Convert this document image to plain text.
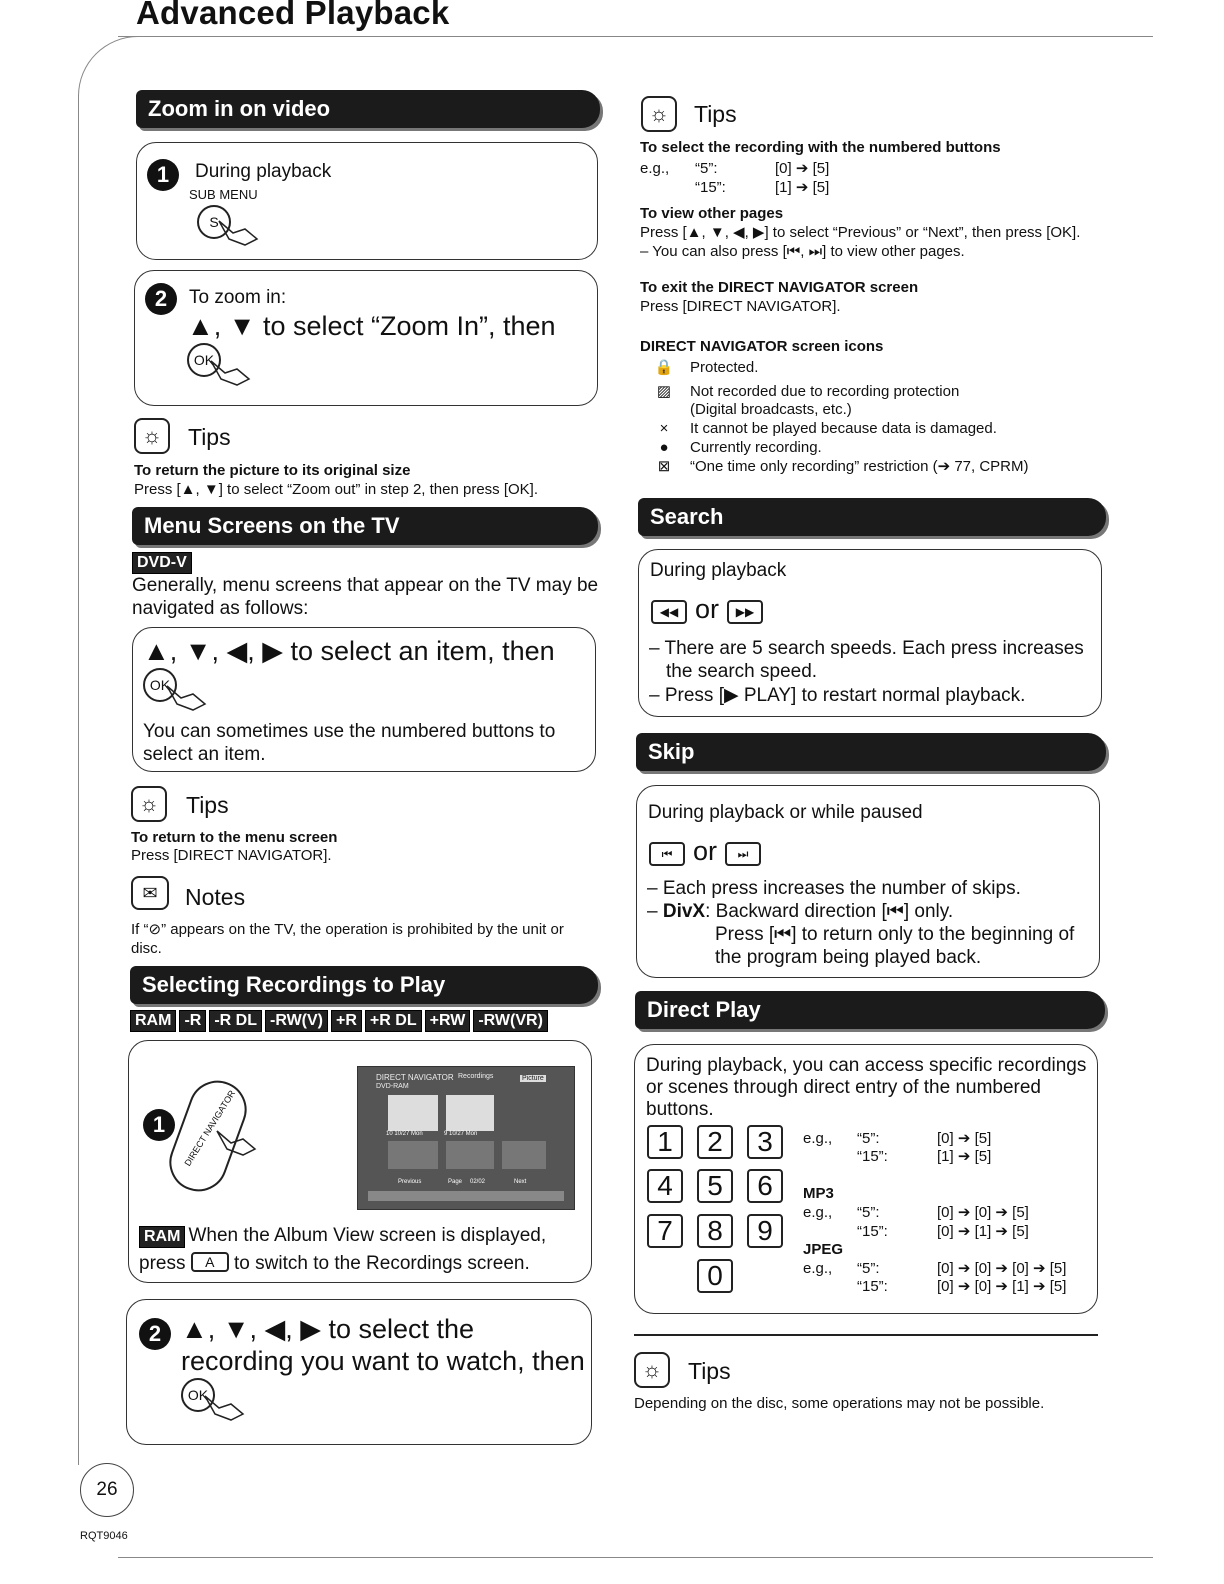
Advanced Playback
26
RQT9046
Zoom in on video
1	During playback
SUB MENU
S
2	To zoom in:
▲, ▼ to select “Zoom In”, then
OK
☼	Tips
To return the picture to its original size
Press [▲, ▼] to select “Zoom out” in step 2, then press [OK].
Menu Screens on the TV
DVD-V
Generally, menu screens that appear on the TV may be navigated as follows:
▲, ▼, ◀, ▶ to select an item, then
OK
You can sometimes use the numbered buttons to select an item.
☼	Tips
To return to the menu screen
Press [DIRECT NAVIGATOR].
✉	Notes
If “⊘” appears on the TV, the operation is prohibited by the unit or disc.
Selecting Recordings to Play
RAM -R -R DL -RW(V) +R +R DL +RW -RW(VR)
1	DIRECT NAVIGATOR
DIRECT NAVIGATOR Recordings
DVD-RAM
Picture
10 10/27 Mon	9 10/27 Mon
Previous	Page 02/02	Next
RAM When the Album View screen is displayed,
press A to switch to the Recordings screen.
2 ▲, ▼, ◀, ▶ to select the
recording you want to watch, then
OK
☼	Tips
To select the recording with the numbered buttons
e.g., “5”:	[0] ➔ [5]
“15”:	[1] ➔ [5]
To view other pages
Press [▲, ▼, ◀, ▶] to select “Previous” or “Next”, then press [OK].
– You can also press [⏮, ⏭] to view other pages.
To exit the DIRECT NAVIGATOR screen
Press [DIRECT NAVIGATOR].
DIRECT NAVIGATOR screen icons
🔒 Protected.
▨ Not recorded due to recording protection
(Digital broadcasts, etc.)
×	It cannot be played because data is damaged.
●	Currently recording.
⊠ “One time only recording” restriction (➔ 77, CPRM)
Search
During playback
◀◀ or	▶▶
– There are 5 search speeds. Each press increases
the search speed.
– Press [▶ PLAY] to restart normal playback.
Skip
During playback or while paused
⏮ or	⏭
– Each press increases the number of skips.
– DivX: Backward direction [⏮] only.
Press [⏮] to return only to the beginning of
the program being played back.
Direct Play
During playback, you can access specific recordings or scenes through direct entry of the numbered buttons.
1	2	3
4	5	6
7	8	9
0
e.g., “5”:	[0] ➔ [5]
“15”:	[1] ➔ [5]
MP3
e.g., “5”:	[0] ➔ [0] ➔ [5]
“15”:	[0] ➔ [1] ➔ [5]
JPEG
e.g., “5”:	[0] ➔ [0] ➔ [0] ➔ [5]
“15”:	[0] ➔ [0] ➔ [1] ➔ [5]
☼	Tips
Depending on the disc, some operations may not be possible.
